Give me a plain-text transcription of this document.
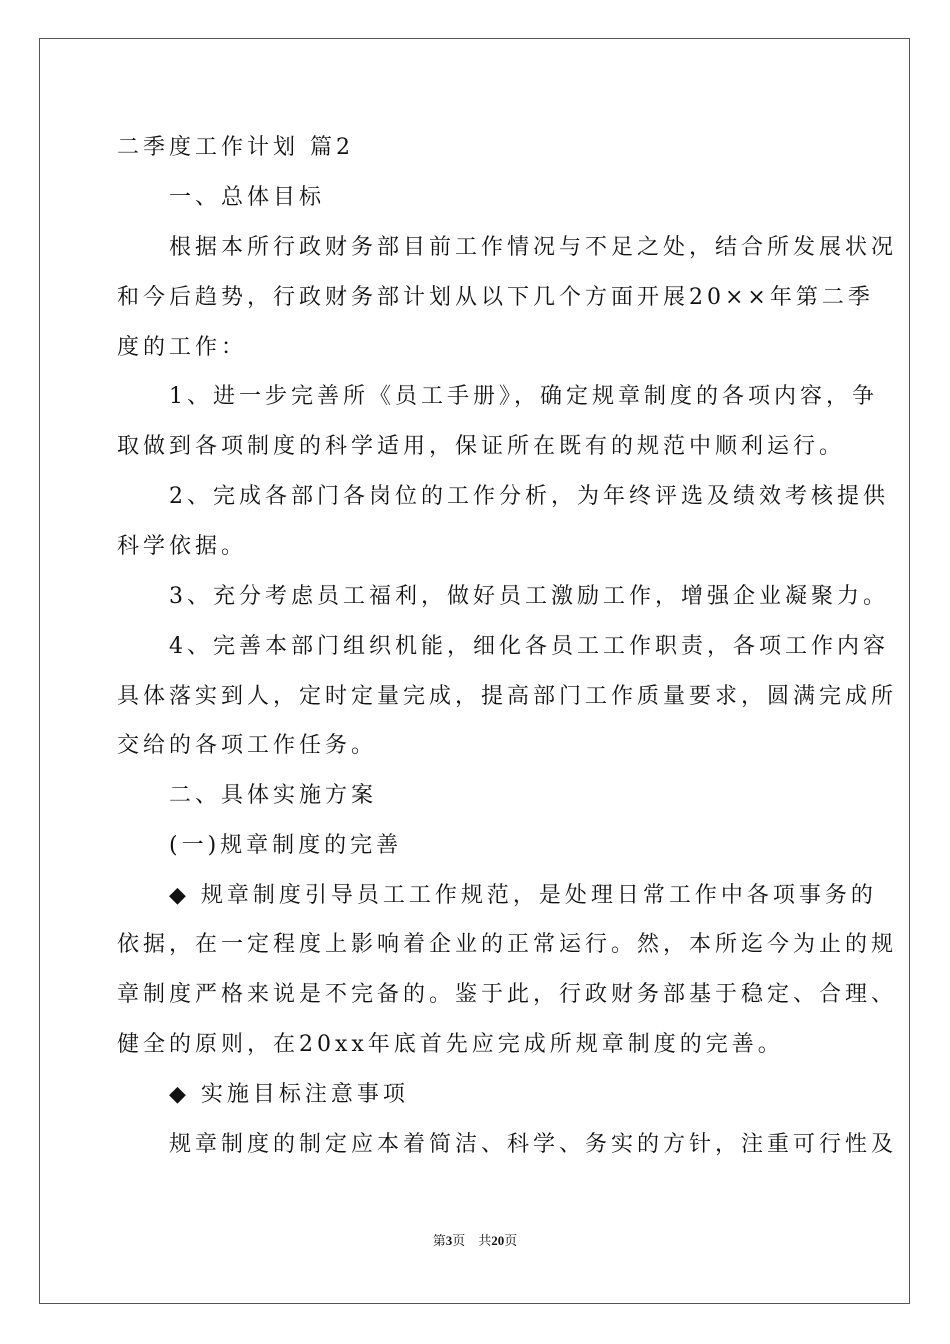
二季度工作计划 篇2
　　一、总体目标
　　根据本所行政财务部目前工作情况与不足之处，结合所发展状况
和今后趋势，行政财务部计划从以下几个方面开展20××年第二季
度的工作：
　　1、进一步完善所《员工手册》，确定规章制度的各项内容，争
取做到各项制度的科学适用，保证所在既有的规范中顺利运行。
　　2、完成各部门各岗位的工作分析，为年终评选及绩效考核提供
科学依据。
　　3、充分考虑员工福利，做好员工激励工作，增强企业凝聚力。
　　4、完善本部门组织机能，细化各员工工作职责，各项工作内容
具体落实到人，定时定量完成，提高部门工作质量要求，圆满完成所
交给的各项工作任务。
　　二、具体实施方案
　　(一)规章制度的完善
　　◆ 规章制度引导员工工作规范，是处理日常工作中各项事务的
依据，在一定程度上影响着企业的正常运行。然，本所迄今为止的规
章制度严格来说是不完备的。鉴于此，行政财务部基于稳定、合理、
健全的原则，在20xx年底首先应完成所规章制度的完善。
　　◆ 实施目标注意事项
　　规章制度的制定应本着简洁、科学、务实的方针，注重可行性及
第3页　共20页
